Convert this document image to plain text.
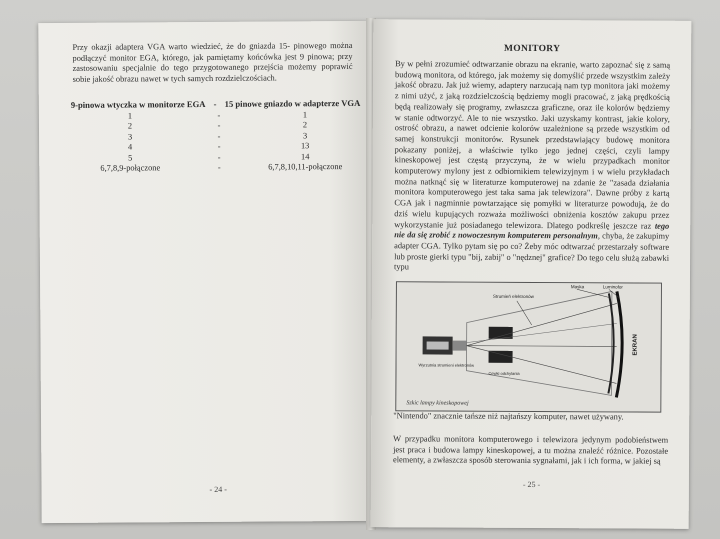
Przy okazji adaptera VGA warto wiedzieć, że do gniazda 15- pinowego można podłączyć monitor EGA, którego, jak pamiętamy końcówka jest 9 pinowa; przy zastosowaniu specjalnie do tego przygotowanego przejścia możemy poprawić sobie jakość obrazu nawet w tych samych rozdzielczościach.

9-pinowa wtyczka w monitorze EGA - 15 pinowe gniazdo w adapterze VGA
1	-	1
2	-	2
3	-	3
4	-	13
5	-	14
6,7,8,9-połączone	-	6,7,8,10,11-połączone
- 24 -
MONITORY

By w pełni zrozumieć odtwarzanie obrazu na ekranie, warto zapoznać się z samą budową monitora, od którego, jak możemy się domyślić przede wszystkim zależy jakość obrazu. Jak już wiemy, adaptery narzucają nam typ monitora jaki możemy z nimi użyć, z jaką rozdzielczością będziemy mogli pracować, z jaką prędkością będą realizowały się programy, zwłaszcza graficzne, oraz ile kolorów będziemy w stanie odtworzyć. Ale to nie wszystko. Jaki uzyskamy kontrast, jakie kolory, ostrość obrazu, a nawet odcienie kolorów uzależnione są przede wszystkim od samej konstrukcji monitorów. Rysunek przedstawiający budowę monitora pokazany poniżej, a właściwie tylko jego jednej części, czyli lampy kineskopowej jest częstą przyczyną, że w wielu przypadkach monitor komputerowy mylony jest z odbiornikiem telewizyjnym i w wielu przykładach można natknąć się w literaturze komputerowej na zdanie że "zasada działania monitora komputerowego jest taka sama jak telewizora". Dawne próby z kartą CGA jak i nagminnie powtarzające się pomyłki w literaturze powodują, że do dziś wielu kupujących rozważa możliwości obniżenia kosztów zakupu przez wykorzystanie już posiadanego telewizora. Dlatego podkreślę jeszcze raz tego nie da się zrobić z nowoczesnym komputerem personalnym, chyba, że zakupimy adapter CGA. Tylko pytam się po co? Żeby móc odtwarzać przestarzały software lub proste gierki typu "bij, zabij" o "nędznej" grafice? Do tego celu służą zabawki typu

Strumień elektronów
Maska	Luminofor
Wyrzutnia strumieni elektronów
Cewki odchylania
EKRAN
Szkic lampy kineskopowej

"Nintendo" znacznie tańsze niż najtańszy komputer, nawet używany.

W przypadku monitora komputerowego i telewizora jedynym podobieństwem jest praca i budowa lampy kineskopowej, a tu można znaleźć różnice. Pozostałe elementy, a zwłaszcza sposób sterowania sygnałami, jak i ich forma, w jakiej są

- 25 -
